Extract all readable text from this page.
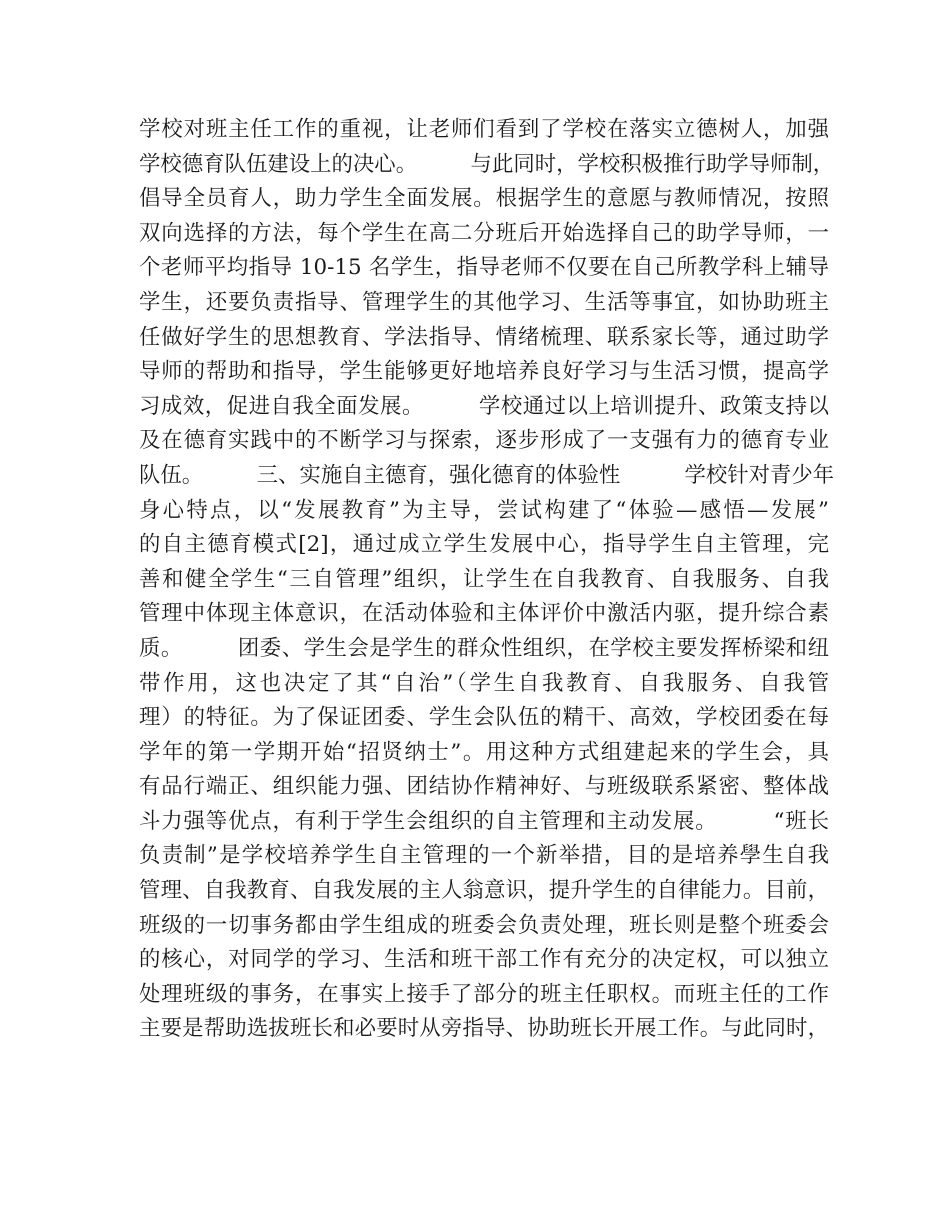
学校对班主任工作的重视，让老师们看到了学校在落实立德树人，加强
学校德育队伍建设上的决心。　　　与此同时，学校积极推行助学导师制，
倡导全员育人，助力学生全面发展。根据学生的意愿与教师情况，按照
双向选择的方法，每个学生在高二分班后开始选择自己的助学导师，一
个老师平均指导 10-15 名学生，指导老师不仅要在自己所教学科上辅导
学生，还要负责指导、管理学生的其他学习、生活等事宜，如协助班主
任做好学生的思想教育、学法指导、情绪梳理、联系家长等，通过助学
导师的帮助和指导，学生能够更好地培养良好学习与生活习惯，提高学
习成效，促进自我全面发展。　　　学校通过以上培训提升、政策支持以
及在德育实践中的不断学习与探索，逐步形成了一支强有力的德育专业
队伍。　　　三、实施自主德育，强化德育的体验性　　　学校针对青少年
身心特点，以“发展教育”为主导，尝试构建了“体验—感悟—发展”
的自主德育模式[2]，通过成立学生发展中心，指导学生自主管理，完
善和健全学生“三自管理”组织，让学生在自我教育、自我服务、自我
管理中体现主体意识，在活动体验和主体评价中激活内驱，提升综合素
质。　　　团委、学生会是学生的群众性组织，在学校主要发挥桥梁和纽
带作用，这也决定了其“自治”（学生自我教育、自我服务、自我管
理）的特征。为了保证团委、学生会队伍的精干、高效，学校团委在每
学年的第一学期开始“招贤纳士”。用这种方式组建起来的学生会，具
有品行端正、组织能力强、团结协作精神好、与班级联系紧密、整体战
斗力强等优点，有利于学生会组织的自主管理和主动发展。　　　“班长
负责制”是学校培养学生自主管理的一个新举措，目的是培养學生自我
管理、自我教育、自我发展的主人翁意识，提升学生的自律能力。目前，
班级的一切事务都由学生组成的班委会负责处理，班长则是整个班委会
的核心，对同学的学习、生活和班干部工作有充分的决定权，可以独立
处理班级的事务，在事实上接手了部分的班主任职权。而班主任的工作
主要是帮助选拔班长和必要时从旁指导、协助班长开展工作。与此同时，
